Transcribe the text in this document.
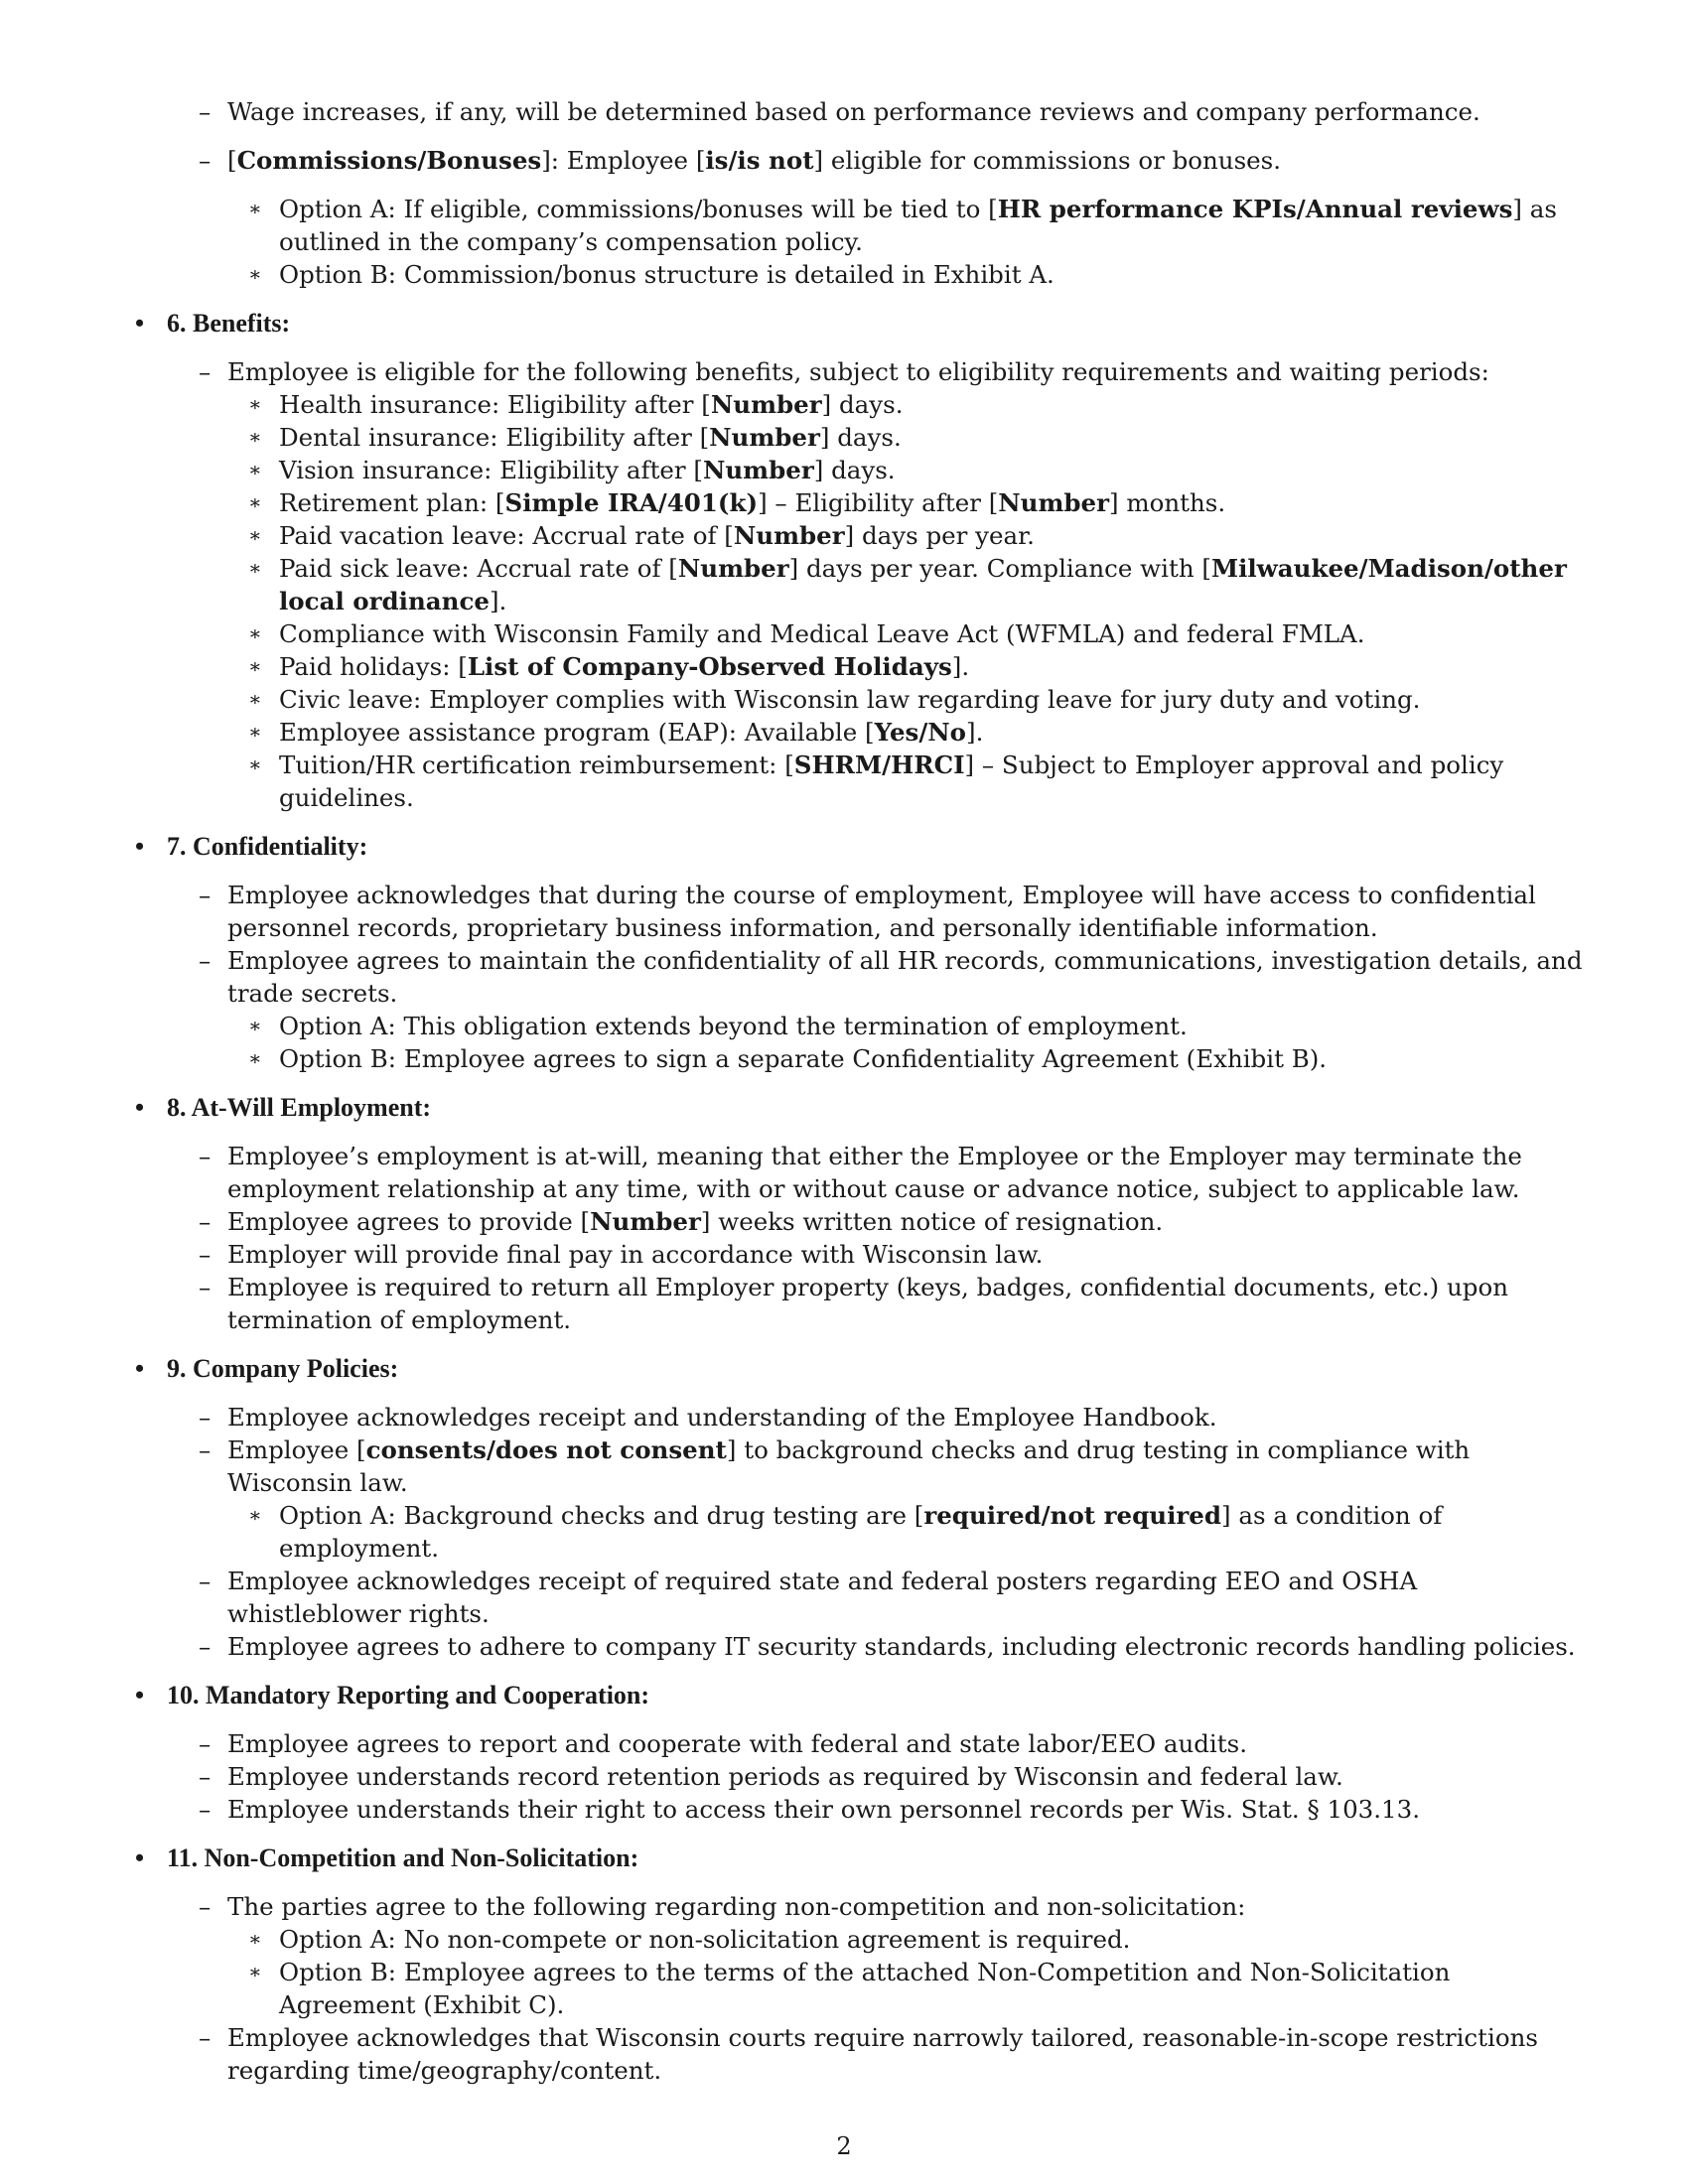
– Wage increases, if any, will be determined based on performance reviews and company performance.
– [Commissions/Bonuses]: Employee [is/is not] eligible for commissions or bonuses.
∗ Option A: If eligible, commissions/bonuses will be tied to [HR performance KPIs/Annual reviews] as outlined in the company’s compensation policy.
∗ Option B: Commission/bonus structure is detailed in Exhibit A.
• 6. Benefits:
– Employee is eligible for the following benefits, subject to eligibility requirements and waiting periods:
∗ Health insurance: Eligibility after [Number] days.
∗ Dental insurance: Eligibility after [Number] days.
∗ Vision insurance: Eligibility after [Number] days.
∗ Retirement plan: [Simple IRA/401(k)] – Eligibility after [Number] months.
∗ Paid vacation leave: Accrual rate of [Number] days per year.
∗ Paid sick leave: Accrual rate of [Number] days per year. Compliance with [Milwaukee/Madison/other local ordinance].
∗ Compliance with Wisconsin Family and Medical Leave Act (WFMLA) and federal FMLA.
∗ Paid holidays: [List of Company-Observed Holidays].
∗ Civic leave: Employer complies with Wisconsin law regarding leave for jury duty and voting.
∗ Employee assistance program (EAP): Available [Yes/No].
∗ Tuition/HR certification reimbursement: [SHRM/HRCI] – Subject to Employer approval and policy guidelines.
• 7. Confidentiality:
– Employee acknowledges that during the course of employment, Employee will have access to confidential personnel records, proprietary business information, and personally identifiable information.
– Employee agrees to maintain the confidentiality of all HR records, communications, investigation details, and trade secrets.
∗ Option A: This obligation extends beyond the termination of employment.
∗ Option B: Employee agrees to sign a separate Confidentiality Agreement (Exhibit B).
• 8. At-Will Employment:
– Employee’s employment is at-will, meaning that either the Employee or the Employer may terminate the employment relationship at any time, with or without cause or advance notice, subject to applicable law.
– Employee agrees to provide [Number] weeks written notice of resignation.
– Employer will provide final pay in accordance with Wisconsin law.
– Employee is required to return all Employer property (keys, badges, confidential documents, etc.) upon termination of employment.
• 9. Company Policies:
– Employee acknowledges receipt and understanding of the Employee Handbook.
– Employee [consents/does not consent] to background checks and drug testing in compliance with Wisconsin law.
∗ Option A: Background checks and drug testing are [required/not required] as a condition of employment.
– Employee acknowledges receipt of required state and federal posters regarding EEO and OSHA whistleblower rights.
– Employee agrees to adhere to company IT security standards, including electronic records handling policies.
• 10. Mandatory Reporting and Cooperation:
– Employee agrees to report and cooperate with federal and state labor/EEO audits.
– Employee understands record retention periods as required by Wisconsin and federal law.
– Employee understands their right to access their own personnel records per Wis. Stat. § 103.13.
• 11. Non-Competition and Non-Solicitation:
– The parties agree to the following regarding non-competition and non-solicitation:
∗ Option A: No non-compete or non-solicitation agreement is required.
∗ Option B: Employee agrees to the terms of the attached Non-Competition and Non-Solicitation Agreement (Exhibit C).
– Employee acknowledges that Wisconsin courts require narrowly tailored, reasonable-in-scope restrictions regarding time/geography/content.
2
